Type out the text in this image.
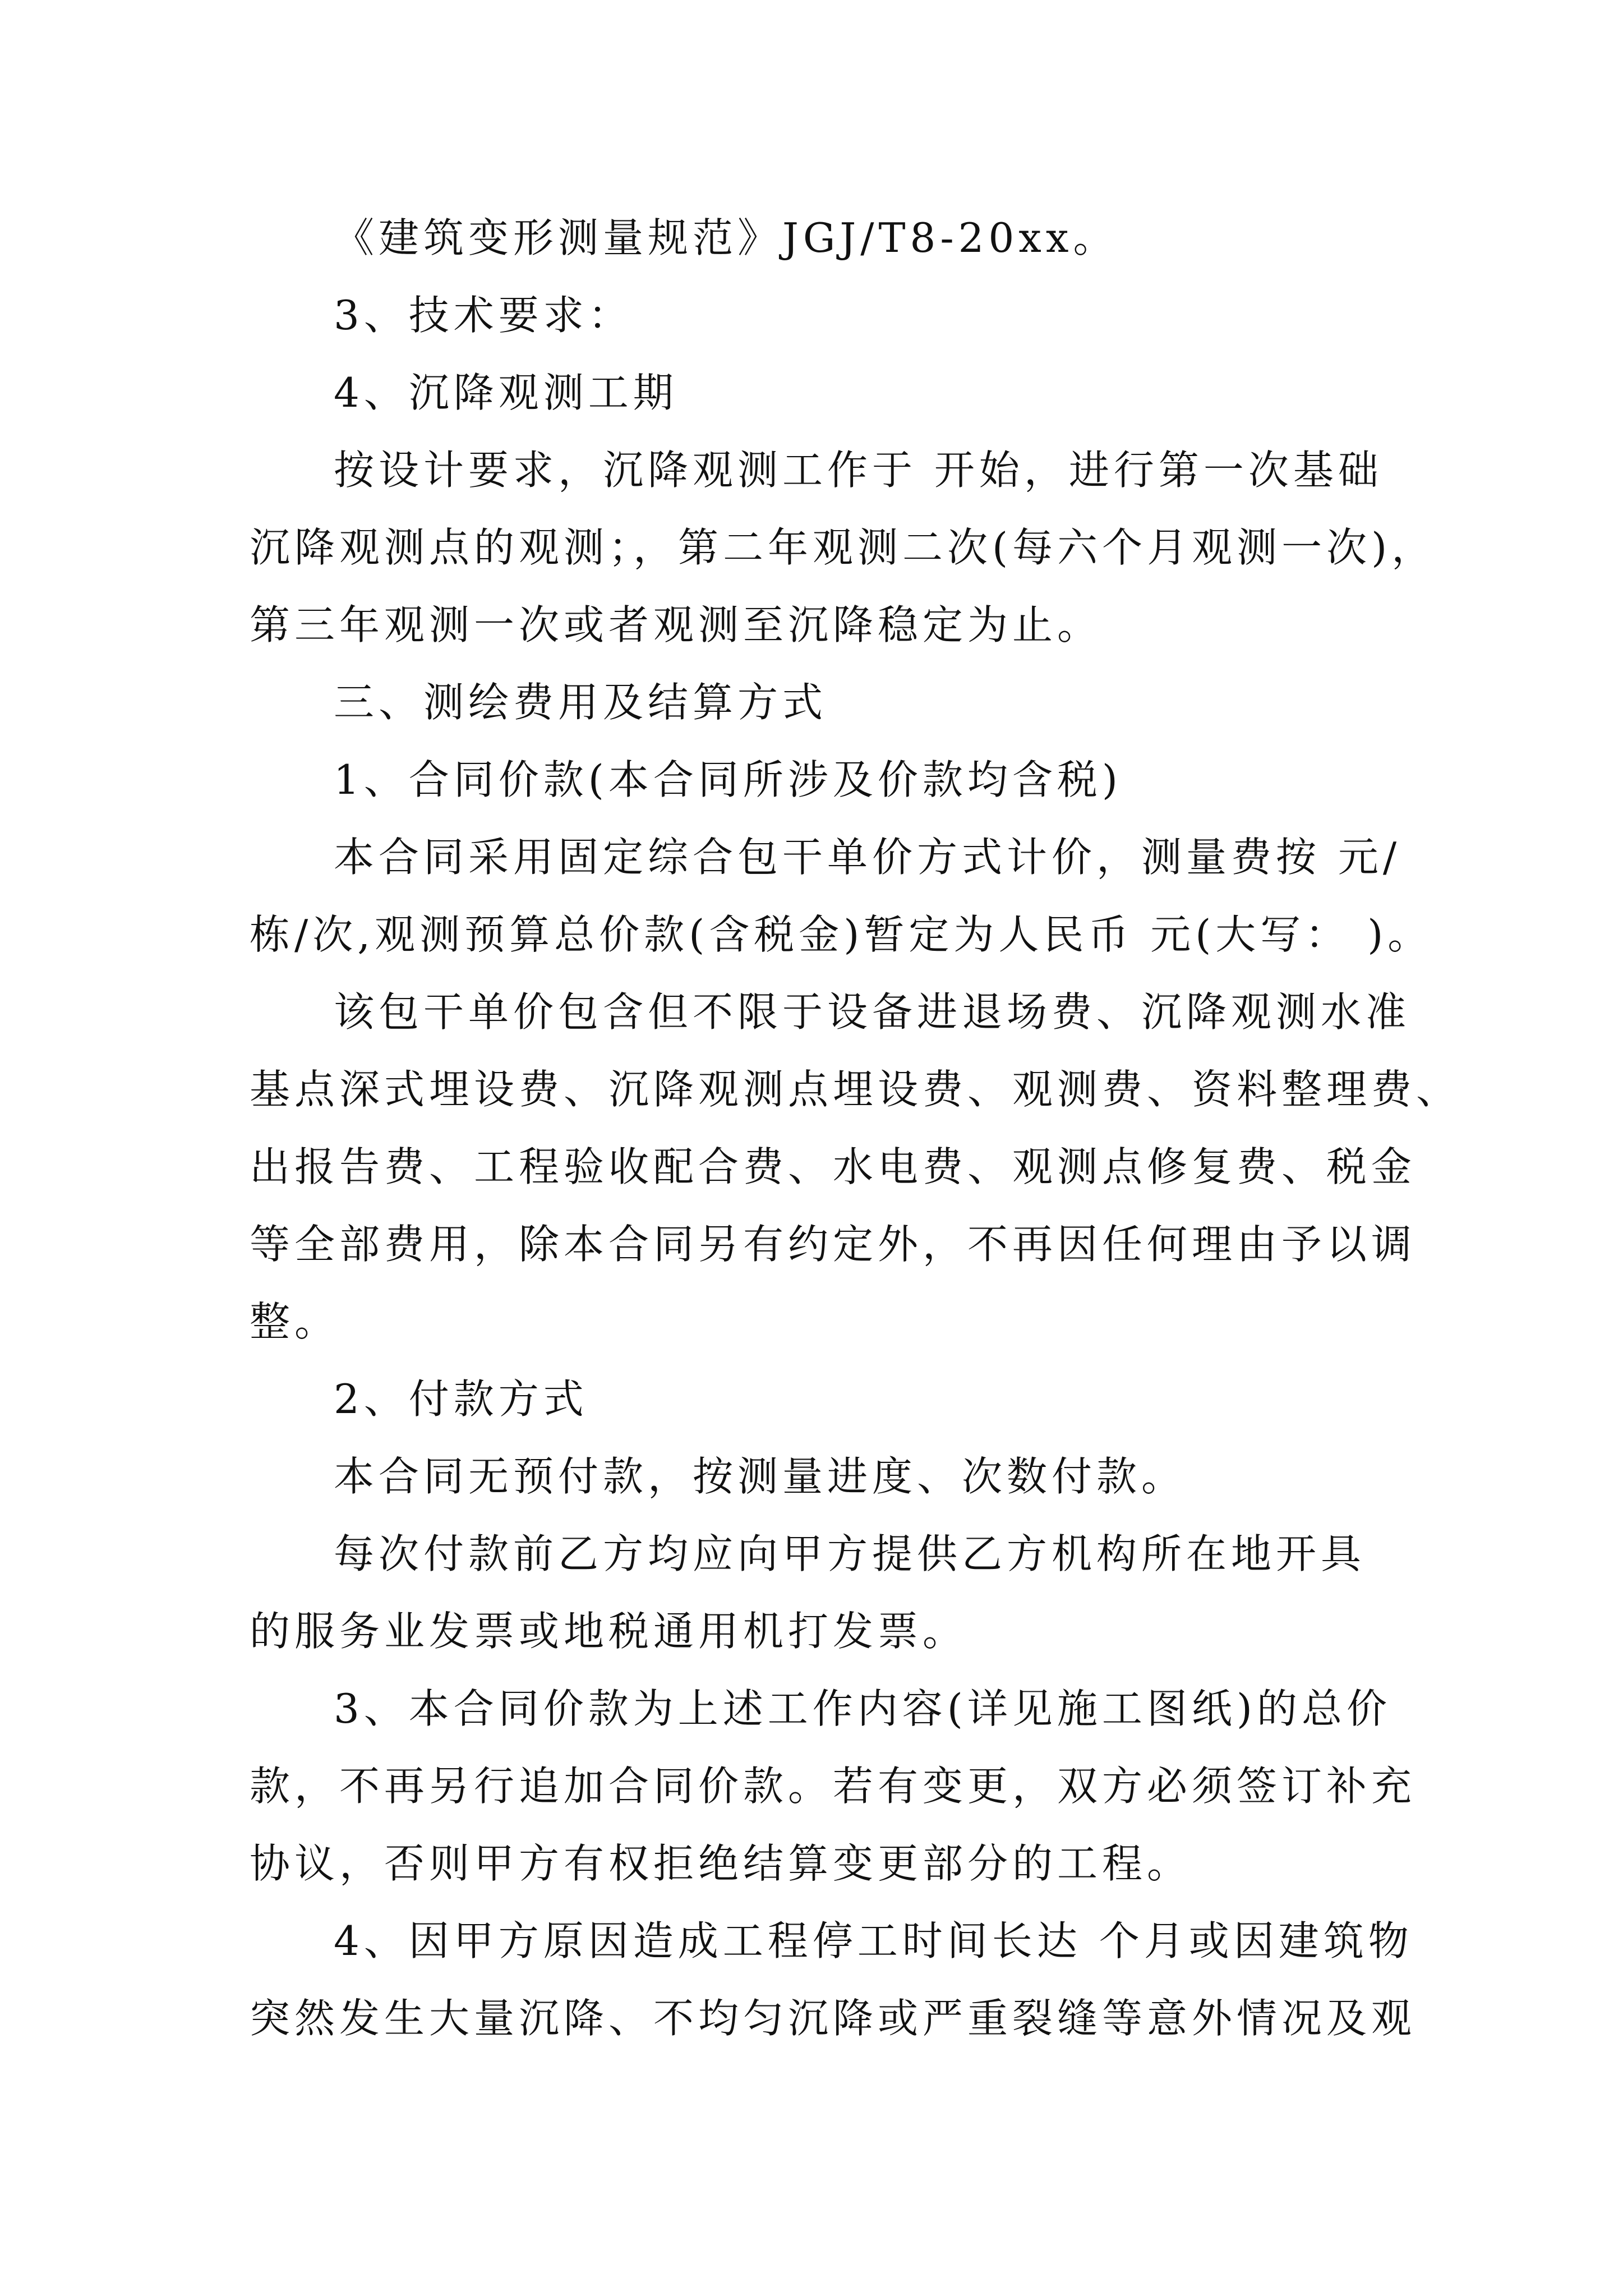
《建筑变形测量规范》JGJ/T8-20xx。

3、技术要求：

4、沉降观测工期

按设计要求，沉降观测工作于 开始，进行第一次基础

沉降观测点的观测；，第二年观测二次(每六个月观测一次)，

第三年观测一次或者观测至沉降稳定为止。

三、测绘费用及结算方式

1、合同价款(本合同所涉及价款均含税)

本合同采用固定综合包干单价方式计价，测量费按 元/

栋/次,观测预算总价款(含税金)暂定为人民币 元(大写： )。

该包干单价包含但不限于设备进退场费、沉降观测水准

基点深式埋设费、沉降观测点埋设费、观测费、资料整理费、

出报告费、工程验收配合费、水电费、观测点修复费、税金

等全部费用，除本合同另有约定外，不再因任何理由予以调

整。

2、付款方式

本合同无预付款，按测量进度、次数付款。

每次付款前乙方均应向甲方提供乙方机构所在地开具

的服务业发票或地税通用机打发票。

3、本合同价款为上述工作内容(详见施工图纸)的总价

款，不再另行追加合同价款。若有变更，双方必须签订补充

协议，否则甲方有权拒绝结算变更部分的工程。

4、因甲方原因造成工程停工时间长达 个月或因建筑物

突然发生大量沉降、不均匀沉降或严重裂缝等意外情况及观
